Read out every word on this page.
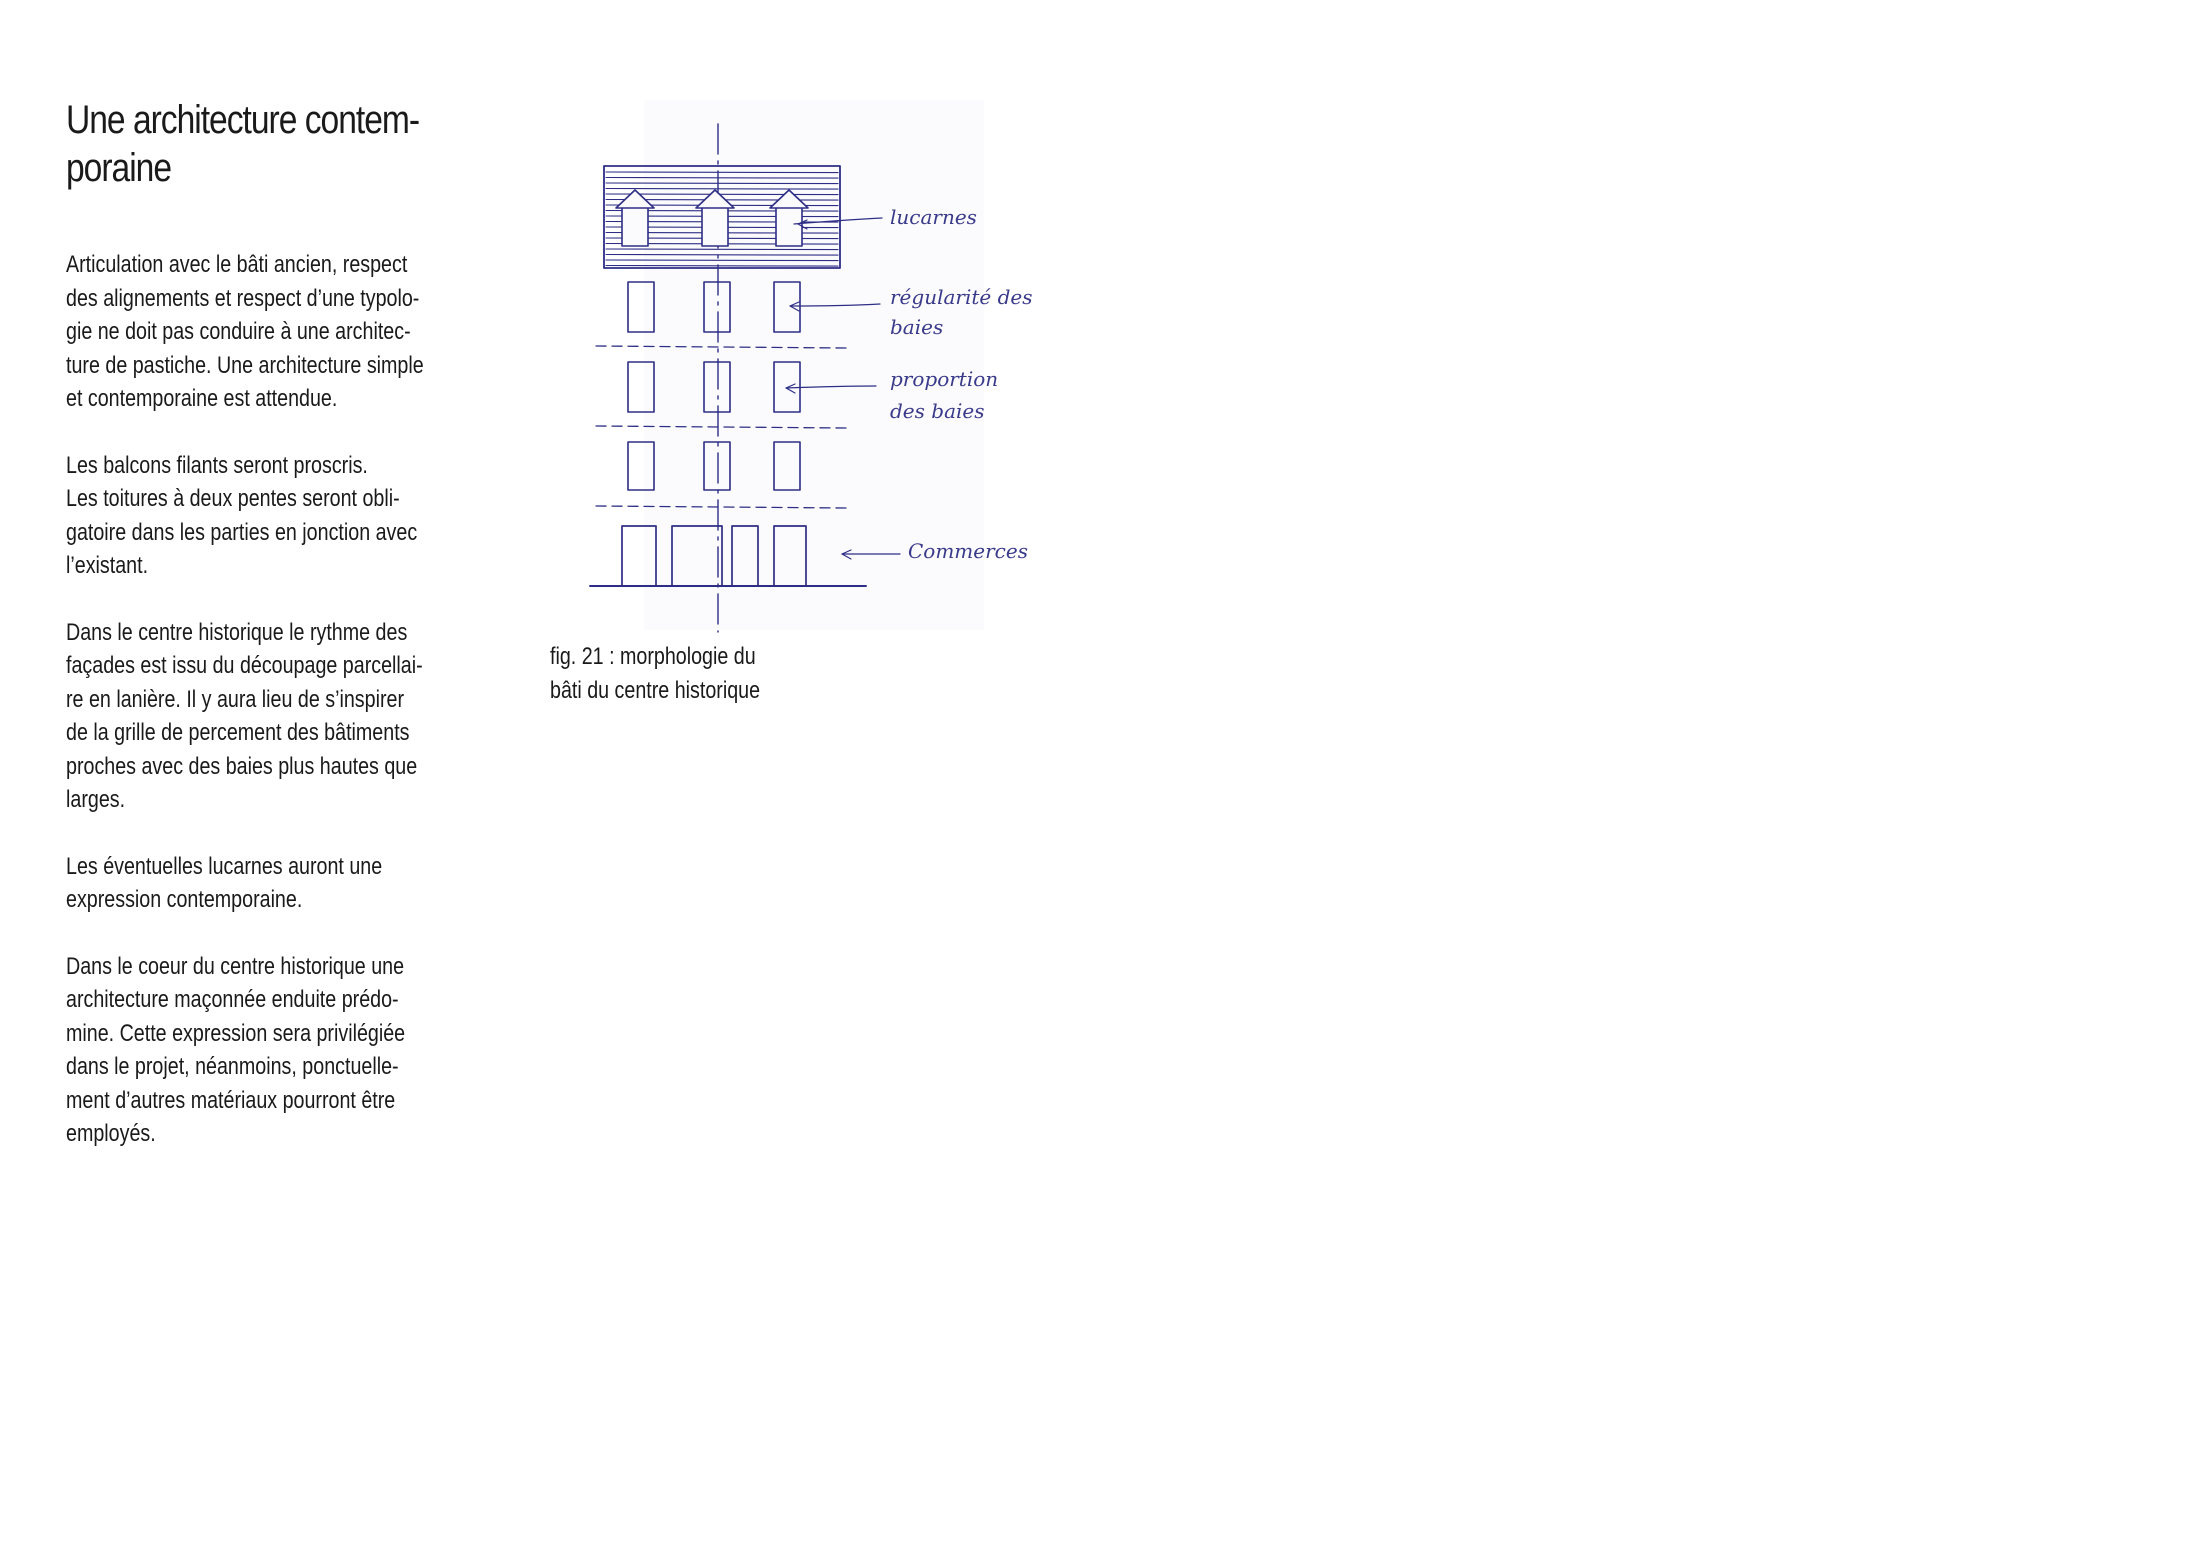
Une architecture contem-
poraine

Articulation avec le bâti ancien, respect
des alignements et respect d’une typolo-
gie ne doit pas conduire à une architec-
ture de pastiche. Une architecture simple
et contemporaine est attendue.

Les balcons filants seront proscris.
Les toitures à deux pentes seront obli-
gatoire dans les parties en jonction avec
l’existant.

Dans le centre historique le rythme des
façades est issu du découpage parcellai-
re en lanière. Il y aura lieu de s’inspirer
de la grille de percement des bâtiments
proches avec des baies plus hautes que
larges.

Les éventuelles lucarnes auront une
expression contemporaine.

Dans le coeur du centre historique une
architecture maçonnée enduite prédo-
mine. Cette expression sera privilégiée
dans le projet, néanmoins, ponctuelle-
ment d’autres matériaux pourront être
employés.

lucarnes
régularité des
baies
proportion
des baies
Commerces
fig. 21 : morphologie du
bâti du centre historique
